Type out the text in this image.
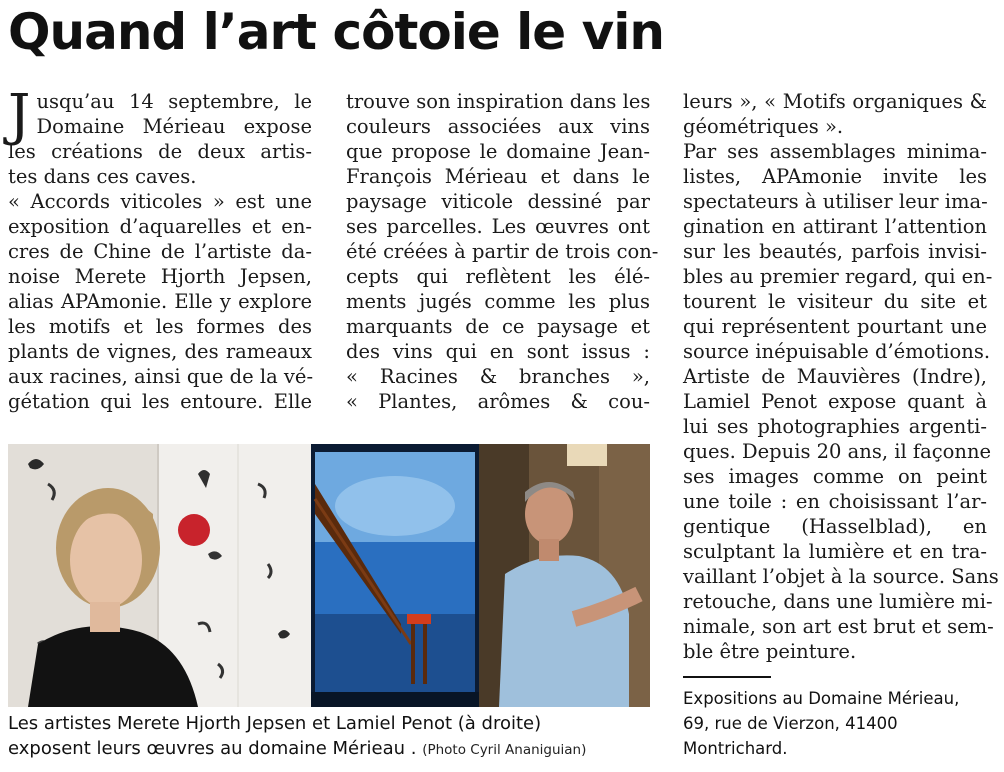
Quand l’art côtoie le vin
J usqu’au 14 septembre, le
Domaine Mérieau expose
les créations de deux artis-
tes dans ces caves.
« Accords viticoles » est une
exposition d’aquarelles et en-
cres de Chine de l’artiste da-
noise Merete Hjorth Jepsen,
alias APAmonie. Elle y explore
les motifs et les formes des
plants de vignes, des rameaux
aux racines, ainsi que de la vé-
gétation qui les entoure. Elle
trouve son inspiration dans les
couleurs associées aux vins
que propose le domaine Jean-
François Mérieau et dans le
paysage viticole dessiné par
ses parcelles. Les œuvres ont
été créées à partir de trois con-
cepts qui reflètent les élé-
ments jugés comme les plus
marquants de ce paysage et
des vins qui en sont issus :
« Racines & branches »,
« Plantes, arômes & cou-
leurs », « Motifs organiques &
géométriques ».
Par ses assemblages minima-
listes, APAmonie invite les
spectateurs à utiliser leur ima-
gination en attirant l’attention
sur les beautés, parfois invisi-
bles au premier regard, qui en-
tourent le visiteur du site et
qui représentent pourtant une
source inépuisable d’émotions.
Artiste de Mauvières (Indre),
Lamiel Penot expose quant à
lui ses photographies argenti-
ques. Depuis 20 ans, il façonne
ses images comme on peint
une toile : en choisissant l’ar-
gentique (Hasselblad), en
sculptant la lumière et en tra-
vaillant l’objet à la source. Sans
retouche, dans une lumière mi-
nimale, son art est brut et sem-
ble être peinture.
Les artistes Merete Hjorth Jepsen et Lamiel Penot (à droite)
exposent leurs œuvres au domaine Mérieau . (Photo Cyril Ananiguian)
Expositions au Domaine Mérieau,
69, rue de Vierzon, 41400
Montrichard.
